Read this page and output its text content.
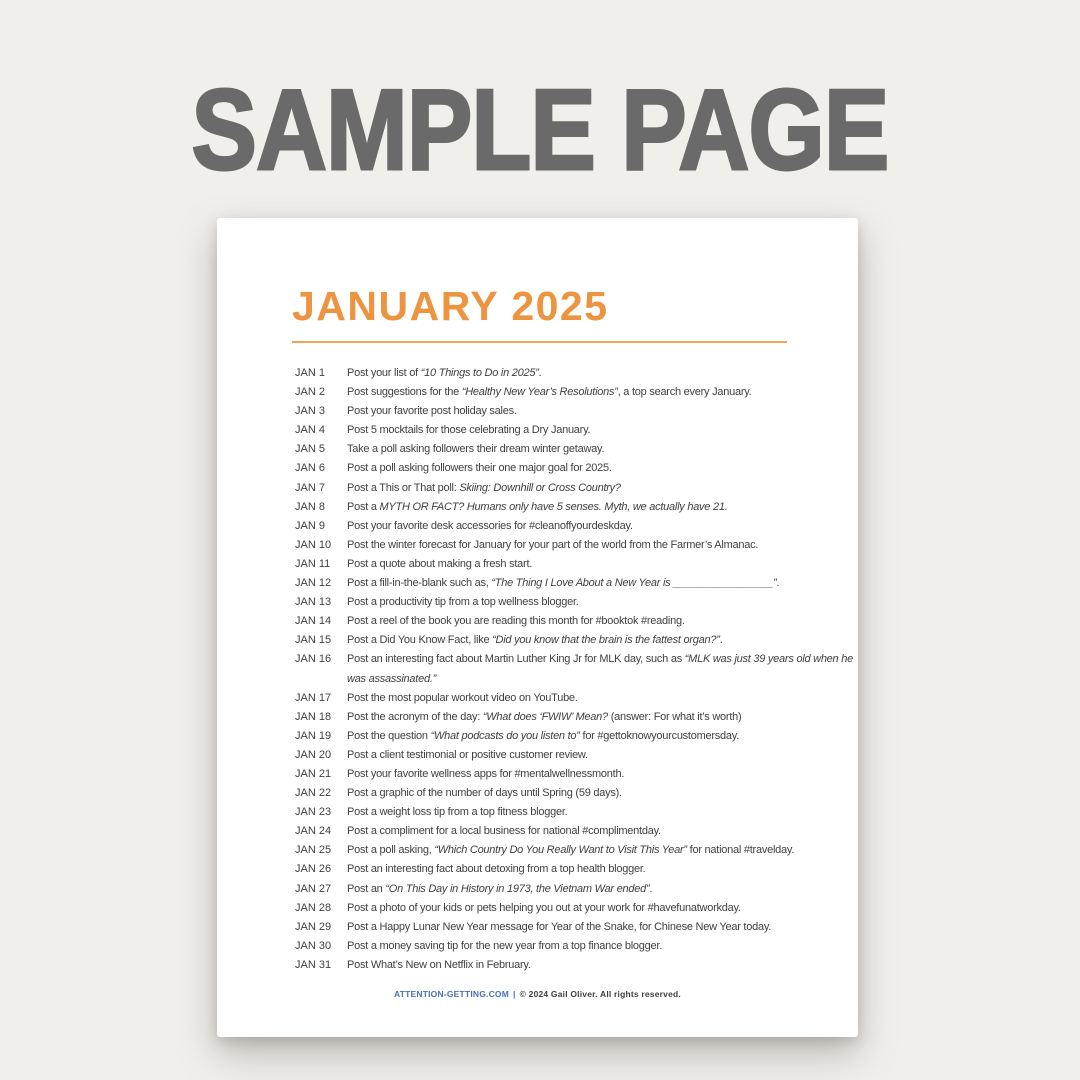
SAMPLE PAGE
JANUARY 2025
JAN 1	Post your list of “10 Things to Do in 2025”.
JAN 2	Post suggestions for the “Healthy New Year’s Resolutions”, a top search every January.
JAN 3	Post your favorite post holiday sales.
JAN 4	Post 5 mocktails for those celebrating a Dry January.
JAN 5	Take a poll asking followers their dream winter getaway.
JAN 6	Post a poll asking followers their one major goal for 2025.
JAN 7	Post a This or That poll: Skiing: Downhill or Cross Country?
JAN 8	Post a MYTH OR FACT? Humans only have 5 senses. Myth, we actually have 21.
JAN 9	Post your favorite desk accessories for #cleanoffyourdeskday.
JAN 10	Post the winter forecast for January for your part of the world from the Farmer’s Almanac.
JAN 11	Post a quote about making a fresh start.
JAN 12	Post a fill-in-the-blank such as, “The Thing I Love About a New Year is _________________”.
JAN 13	Post a productivity tip from a top wellness blogger.
JAN 14	Post a reel of the book you are reading this month for #booktok #reading.
JAN 15	Post a Did You Know Fact, like “Did you know that the brain is the fattest organ?”.
JAN 16	Post an interesting fact about Martin Luther King Jr for MLK day, such as “MLK was just 39 years old when he was assassinated.”
JAN 17	Post the most popular workout video on YouTube.
JAN 18	Post the acronym of the day: “What does ‘FWIW’ Mean? (answer: For what it’s worth)
JAN 19	Post the question “What podcasts do you listen to” for #gettoknowyourcustomersday.
JAN 20	Post a client testimonial or positive customer review.
JAN 21	Post your favorite wellness apps for #mentalwellnessmonth.
JAN 22	Post a graphic of the number of days until Spring (59 days).
JAN 23	Post a weight loss tip from a top fitness blogger.
JAN 24	Post a compliment for a local business for national #complimentday.
JAN 25	Post a poll asking, “Which Country Do You Really Want to Visit This Year” for national #travelday.
JAN 26	Post an interesting fact about detoxing from a top health blogger.
JAN 27	Post an “On This Day in History in 1973, the Vietnam War ended”.
JAN 28	Post a photo of your kids or pets helping you out at your work for #havefunatworkday.
JAN 29	Post a Happy Lunar New Year message for Year of the Snake, for Chinese New Year today.
JAN 30	Post a money saving tip for the new year from a top finance blogger.
JAN 31	Post What’s New on Netflix in February.
ATTENTION-GETTING.COM | © 2024 Gail Oliver. All rights reserved.
